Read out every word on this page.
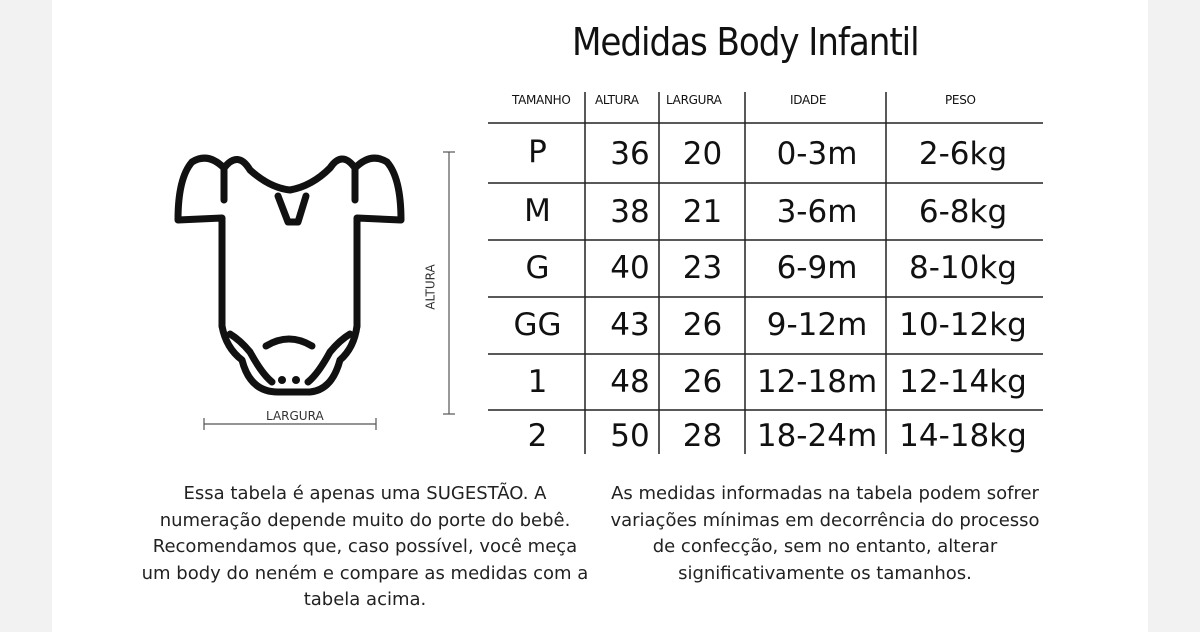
Medidas Body Infantil
LARGURA
ALTURA
TAMANHO ALTURA LARGURA	IDADE	PESO
P	36	20	0-3m	2-6kg
M	38	21	3-6m	6-8kg
G	40	23	6-9m	8-10kg
GG	43	26	9-12m	10-12kg
1	48	26	12-18m 12-14kg
2	50	28	18-24m 14-18kg
Essa tabela é apenas uma SUGESTÃO. A numeração depende muito do porte do bebê. Recomendamos que, caso possível, você meça um body do neném e compare as medidas com a tabela acima.
As medidas informadas na tabela podem sofrer variações mínimas em decorrência do processo de confecção, sem no entanto, alterar significativamente os tamanhos.
